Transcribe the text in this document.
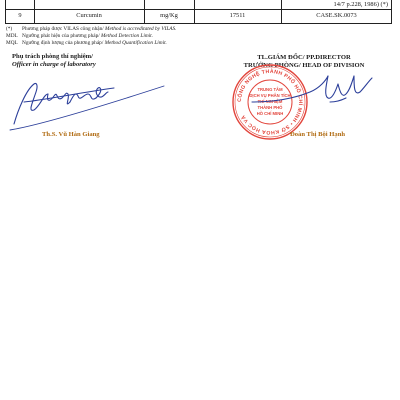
14/7 p.228, 1986) (*)
9	Curcumin	mg/Kg	17511	CASE.SK.0073
(*) Phương pháp được VILAS công nhận/ Method is accreditated by VILAS.
MDL Ngưỡng phát hiện của phương pháp/ Method Detection Limit.
MQL Ngưỡng định lượng của phương pháp/ Method Quantification Limit.
Phụ trách phòng thí nghiệm/
Officer in charge of laboratory
Vanggiang
Th.S. Vũ Hàn Giang
TL.GIÁM ĐỐC/ PP.DIRECTOR
TRƯỞNG PHÒNG/ HEAD OF DIVISION
CÔNG NGHỆ THÀNH PHỐ HỒ CHÍ MINH • SỞ KHOA HỌC VÀ
TRUNG TÂM
DỊCH VỤ PHÂN TÍCH
THÍ NGHIỆM
THÀNH PHỐ
HỒ CHÍ MINH
Đoàn Thị Bội Hạnh
